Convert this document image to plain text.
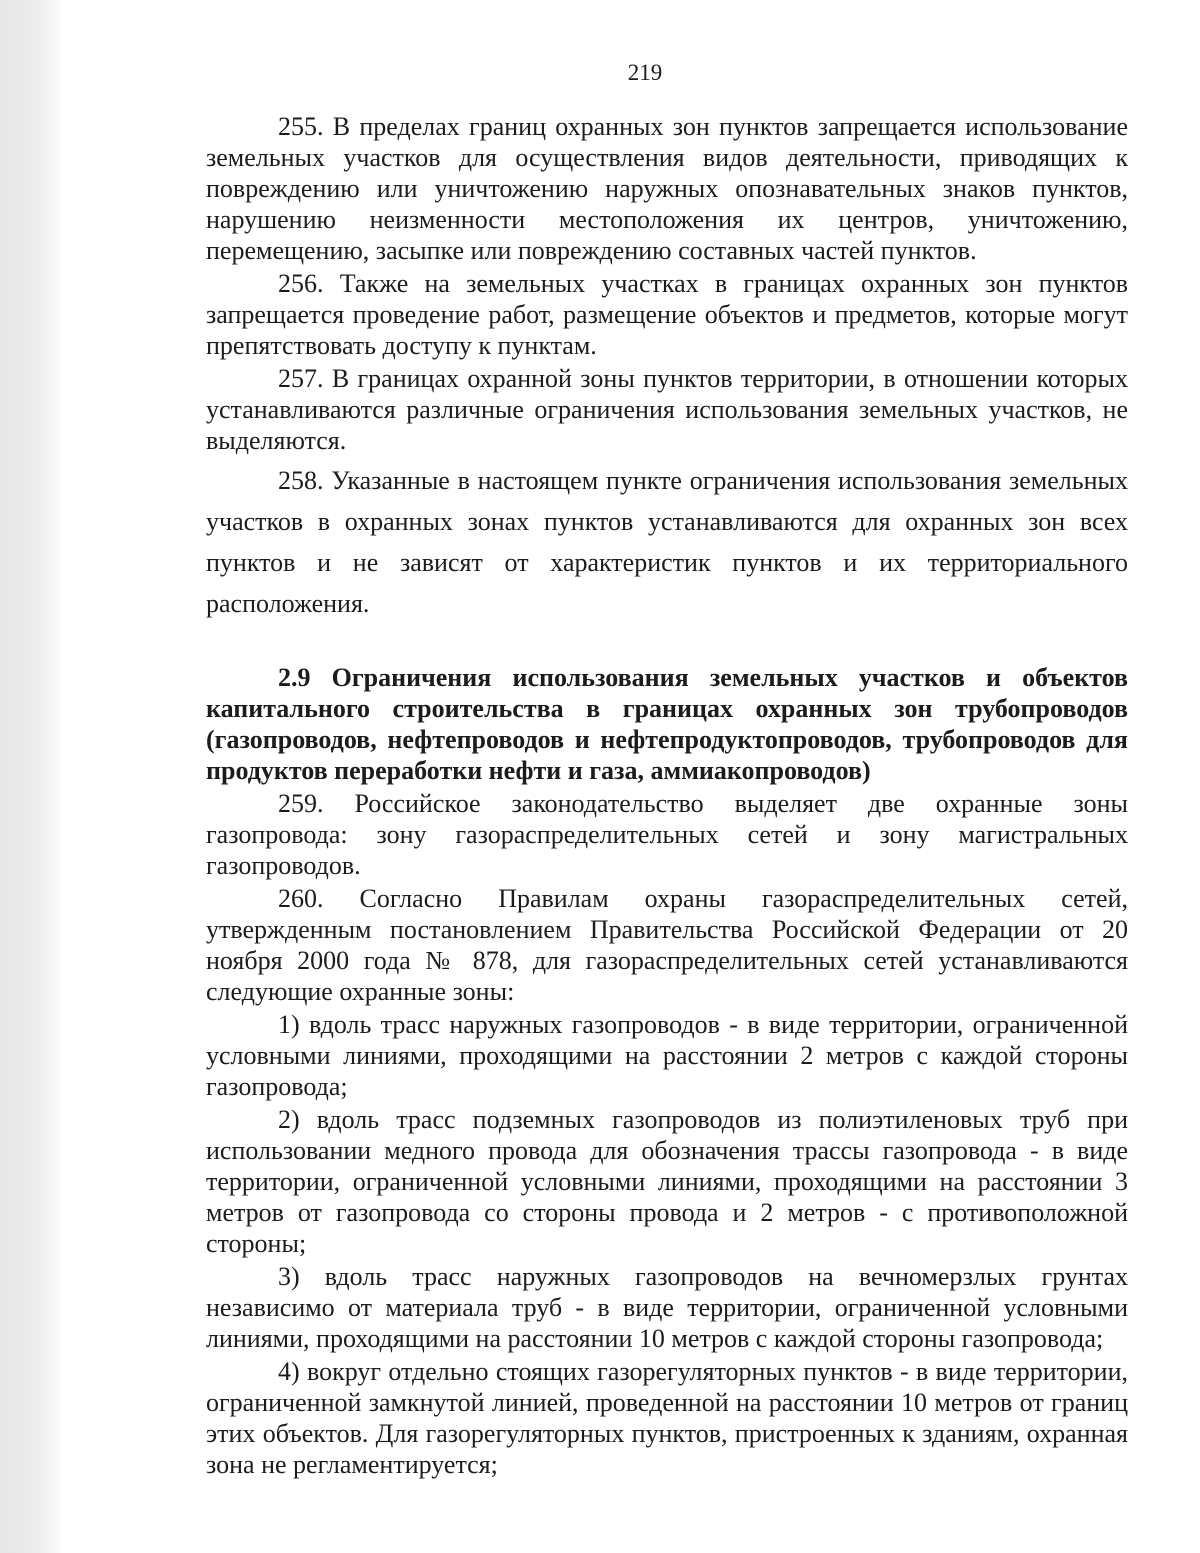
219

255. В пределах границ охранных зон пунктов запрещается использование земельных участков для осуществления видов деятельности, приводящих к повреждению или уничтожению наружных опознавательных знаков пунктов, нарушению неизменности местоположения их центров, уничтожению, перемещению, засыпке или повреждению составных частей пунктов.

256. Также на земельных участках в границах охранных зон пунктов запрещается проведение работ, размещение объектов и предметов, которые могут препятствовать доступу к пунктам.

257. В границах охранной зоны пунктов территории, в отношении которых устанавливаются различные ограничения использования земельных участков, не выделяются.

258. Указанные в настоящем пункте ограничения использования земельных участков в охранных зонах пунктов устанавливаются для охранных зон всех пунктов и не зависят от характеристик пунктов и их территориального расположения.

2.9 Ограничения использования земельных участков и объектов капитального строительства в границах охранных зон трубопроводов (газопроводов, нефтепроводов и нефтепродуктопроводов, трубопроводов для продуктов переработки нефти и газа, аммиакопроводов)

259. Российское законодательство выделяет две охранные зоны газопровода: зону газораспределительных сетей и зону магистральных газопроводов.

260. Согласно Правилам охраны газораспределительных сетей, утвержденным постановлением Правительства Российской Федерации от 20 ноября 2000 года № 878, для газораспределительных сетей устанавливаются следующие охранные зоны:

1) вдоль трасс наружных газопроводов - в виде территории, ограниченной условными линиями, проходящими на расстоянии 2 метров с каждой стороны газопровода;

2) вдоль трасс подземных газопроводов из полиэтиленовых труб при использовании медного провода для обозначения трассы газопровода - в виде территории, ограниченной условными линиями, проходящими на расстоянии 3 метров от газопровода со стороны провода и 2 метров - с противоположной стороны;

3) вдоль трасс наружных газопроводов на вечномерзлых грунтах независимо от материала труб - в виде территории, ограниченной условными линиями, проходящими на расстоянии 10 метров с каждой стороны газопровода;

4) вокруг отдельно стоящих газорегуляторных пунктов - в виде территории, ограниченной замкнутой линией, проведенной на расстоянии 10 метров от границ этих объектов. Для газорегуляторных пунктов, пристроенных к зданиям, охранная зона не регламентируется;
